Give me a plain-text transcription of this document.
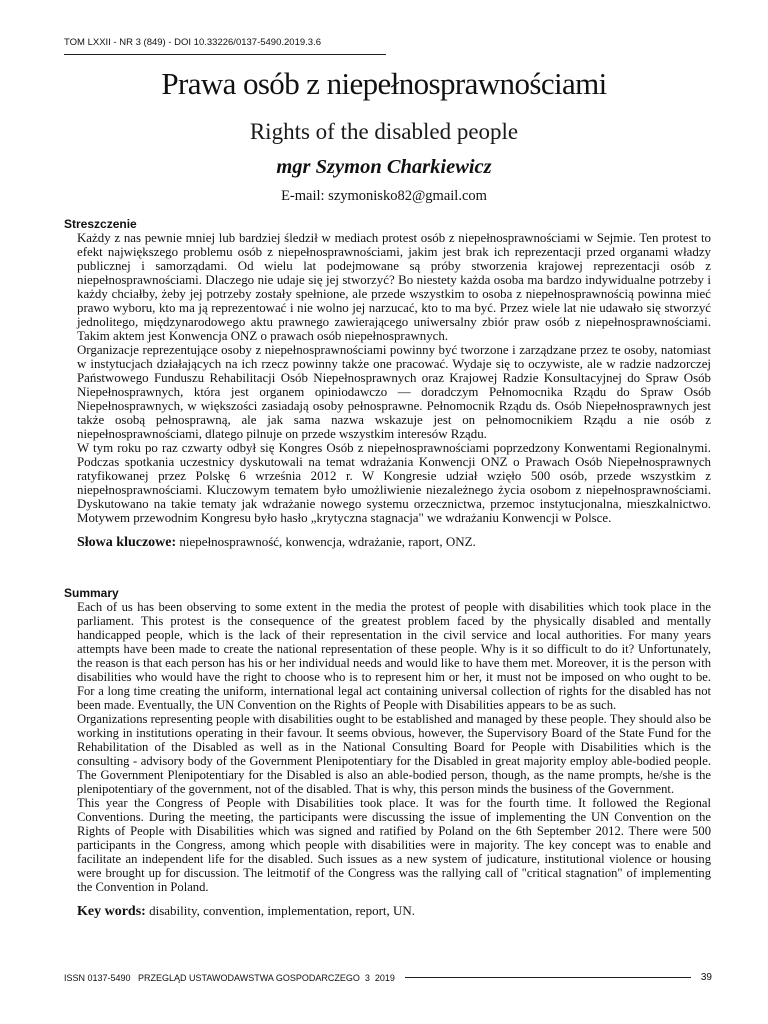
TOM LXXII - NR 3 (849) - DOI 10.33226/0137-5490.2019.3.6
Prawa osób z niepełnosprawnościami
Rights of the disabled people
mgr Szymon Charkiewicz
E-mail: szymonisko82@gmail.com
Streszczenie

Każdy z nas pewnie mniej lub bardziej śledził w mediach protest osób z niepełnosprawnościami w Sejmie. Ten protest to efekt największego problemu osób z niepełnosprawnościami, jakim jest brak ich reprezentacji przed organami władzy publicznej i samorządami. Od wielu lat podejmowane są próby stworzenia krajowej reprezentacji osób z niepełnosprawnościami. Dlaczego nie udaje się jej stworzyć? Bo niestety każda osoba ma bardzo indywidualne potrzeby i każdy chciałby, żeby jej potrzeby zostały spełnione, ale przede wszystkim to osoba z niepełnosprawnością powinna mieć prawo wyboru, kto ma ją reprezentować i nie wolno jej narzucać, kto to ma być. Przez wiele lat nie udawało się stworzyć jednolitego, międzynarodowego aktu prawnego zawierającego uniwersalny zbiór praw osób z niepełnosprawnościami. Takim aktem jest Konwencja ONZ o prawach osób niepełnosprawnych.

Organizacje reprezentujące osoby z niepełnosprawnościami powinny być tworzone i zarządzane przez te osoby, natomiast w instytucjach działających na ich rzecz powinny także one pracować. Wydaje się to oczywiste, ale w radzie nadzorczej Państwowego Funduszu Rehabilitacji Osób Niepełnosprawnych oraz Krajowej Radzie Konsultacyjnej do Spraw Osób Niepełnosprawnych, która jest organem opiniodawczo — doradczym Pełnomocnika Rządu do Spraw Osób Niepełnosprawnych, w większości zasiadają osoby pełnosprawne. Pełnomocnik Rządu ds. Osób Niepełnosprawnych jest także osobą pełnosprawną, ale jak sama nazwa wskazuje jest on pełnomocnikiem Rządu a nie osób z niepełnosprawnościami, dlatego pilnuje on przede wszystkim interesów Rządu.

W tym roku po raz czwarty odbył się Kongres Osób z niepełnosprawnościami poprzedzony Konwentami Regionalnymi. Podczas spotkania uczestnicy dyskutowali na temat wdrażania Konwencji ONZ o Prawach Osób Niepełnosprawnych ratyfikowanej przez Polskę 6 września 2012 r. W Kongresie udział wzięło 500 osób, przede wszystkim z niepełnosprawnościami. Kluczowym tematem było umożliwienie niezależnego życia osobom z niepełnosprawnościami. Dyskutowano na takie tematy jak wdrażanie nowego systemu orzecznictwa, przemoc instytucjonalna, mieszkalnictwo. Motywem przewodnim Kongresu było hasło „krytyczna stagnacja" we wdrażaniu Konwencji w Polsce.

Słowa kluczowe: niepełnosprawność, konwencja, wdrażanie, raport, ONZ.
Summary

Each of us has been observing to some extent in the media the protest of people with disabilities which took place in the parliament. This protest is the consequence of the greatest problem faced by the physically disabled and mentally handicapped people, which is the lack of their representation in the civil service and local authorities. For many years attempts have been made to create the national representation of these people. Why is it so difficult to do it? Unfortunately, the reason is that each person has his or her individual needs and would like to have them met. Moreover, it is the person with disabilities who would have the right to choose who is to represent him or her, it must not be imposed on who ought to be. For a long time creating the uniform, international legal act containing universal collection of rights for the disabled has not been made. Eventually, the UN Convention on the Rights of People with Disabilities appears to be as such.

Organizations representing people with disabilities ought to be established and managed by these people. They should also be working in institutions operating in their favour. It seems obvious, however, the Supervisory Board of the State Fund for the Rehabilitation of the Disabled as well as in the National Consulting Board for People with Disabilities which is the consulting - advisory body of the Government Plenipotentiary for the Disabled in great majority employ able-bodied people. The Government Plenipotentiary for the Disabled is also an able-bodied person, though, as the name prompts, he/she is the plenipotentiary of the government, not of the disabled. That is why, this person minds the business of the Government.

This year the Congress of People with Disabilities took place. It was for the fourth time. It followed the Regional Conventions. During the meeting, the participants were discussing the issue of implementing the UN Convention on the Rights of People with Disabilities which was signed and ratified by Poland on the 6th September 2012. There were 500 participants in the Congress, among which people with disabilities were in majority. The key concept was to enable and facilitate an independent life for the disabled. Such issues as a new system of judicature, institutional violence or housing were brought up for discussion. The leitmotif of the Congress was the rallying call of "critical stagnation" of implementing the Convention in Poland.

Key words: disability, convention, implementation, report, UN.
ISSN 0137-5490   PRZEGLĄD USTAWODAWSTWA GOSPODARCZEGO  3  2019	39
